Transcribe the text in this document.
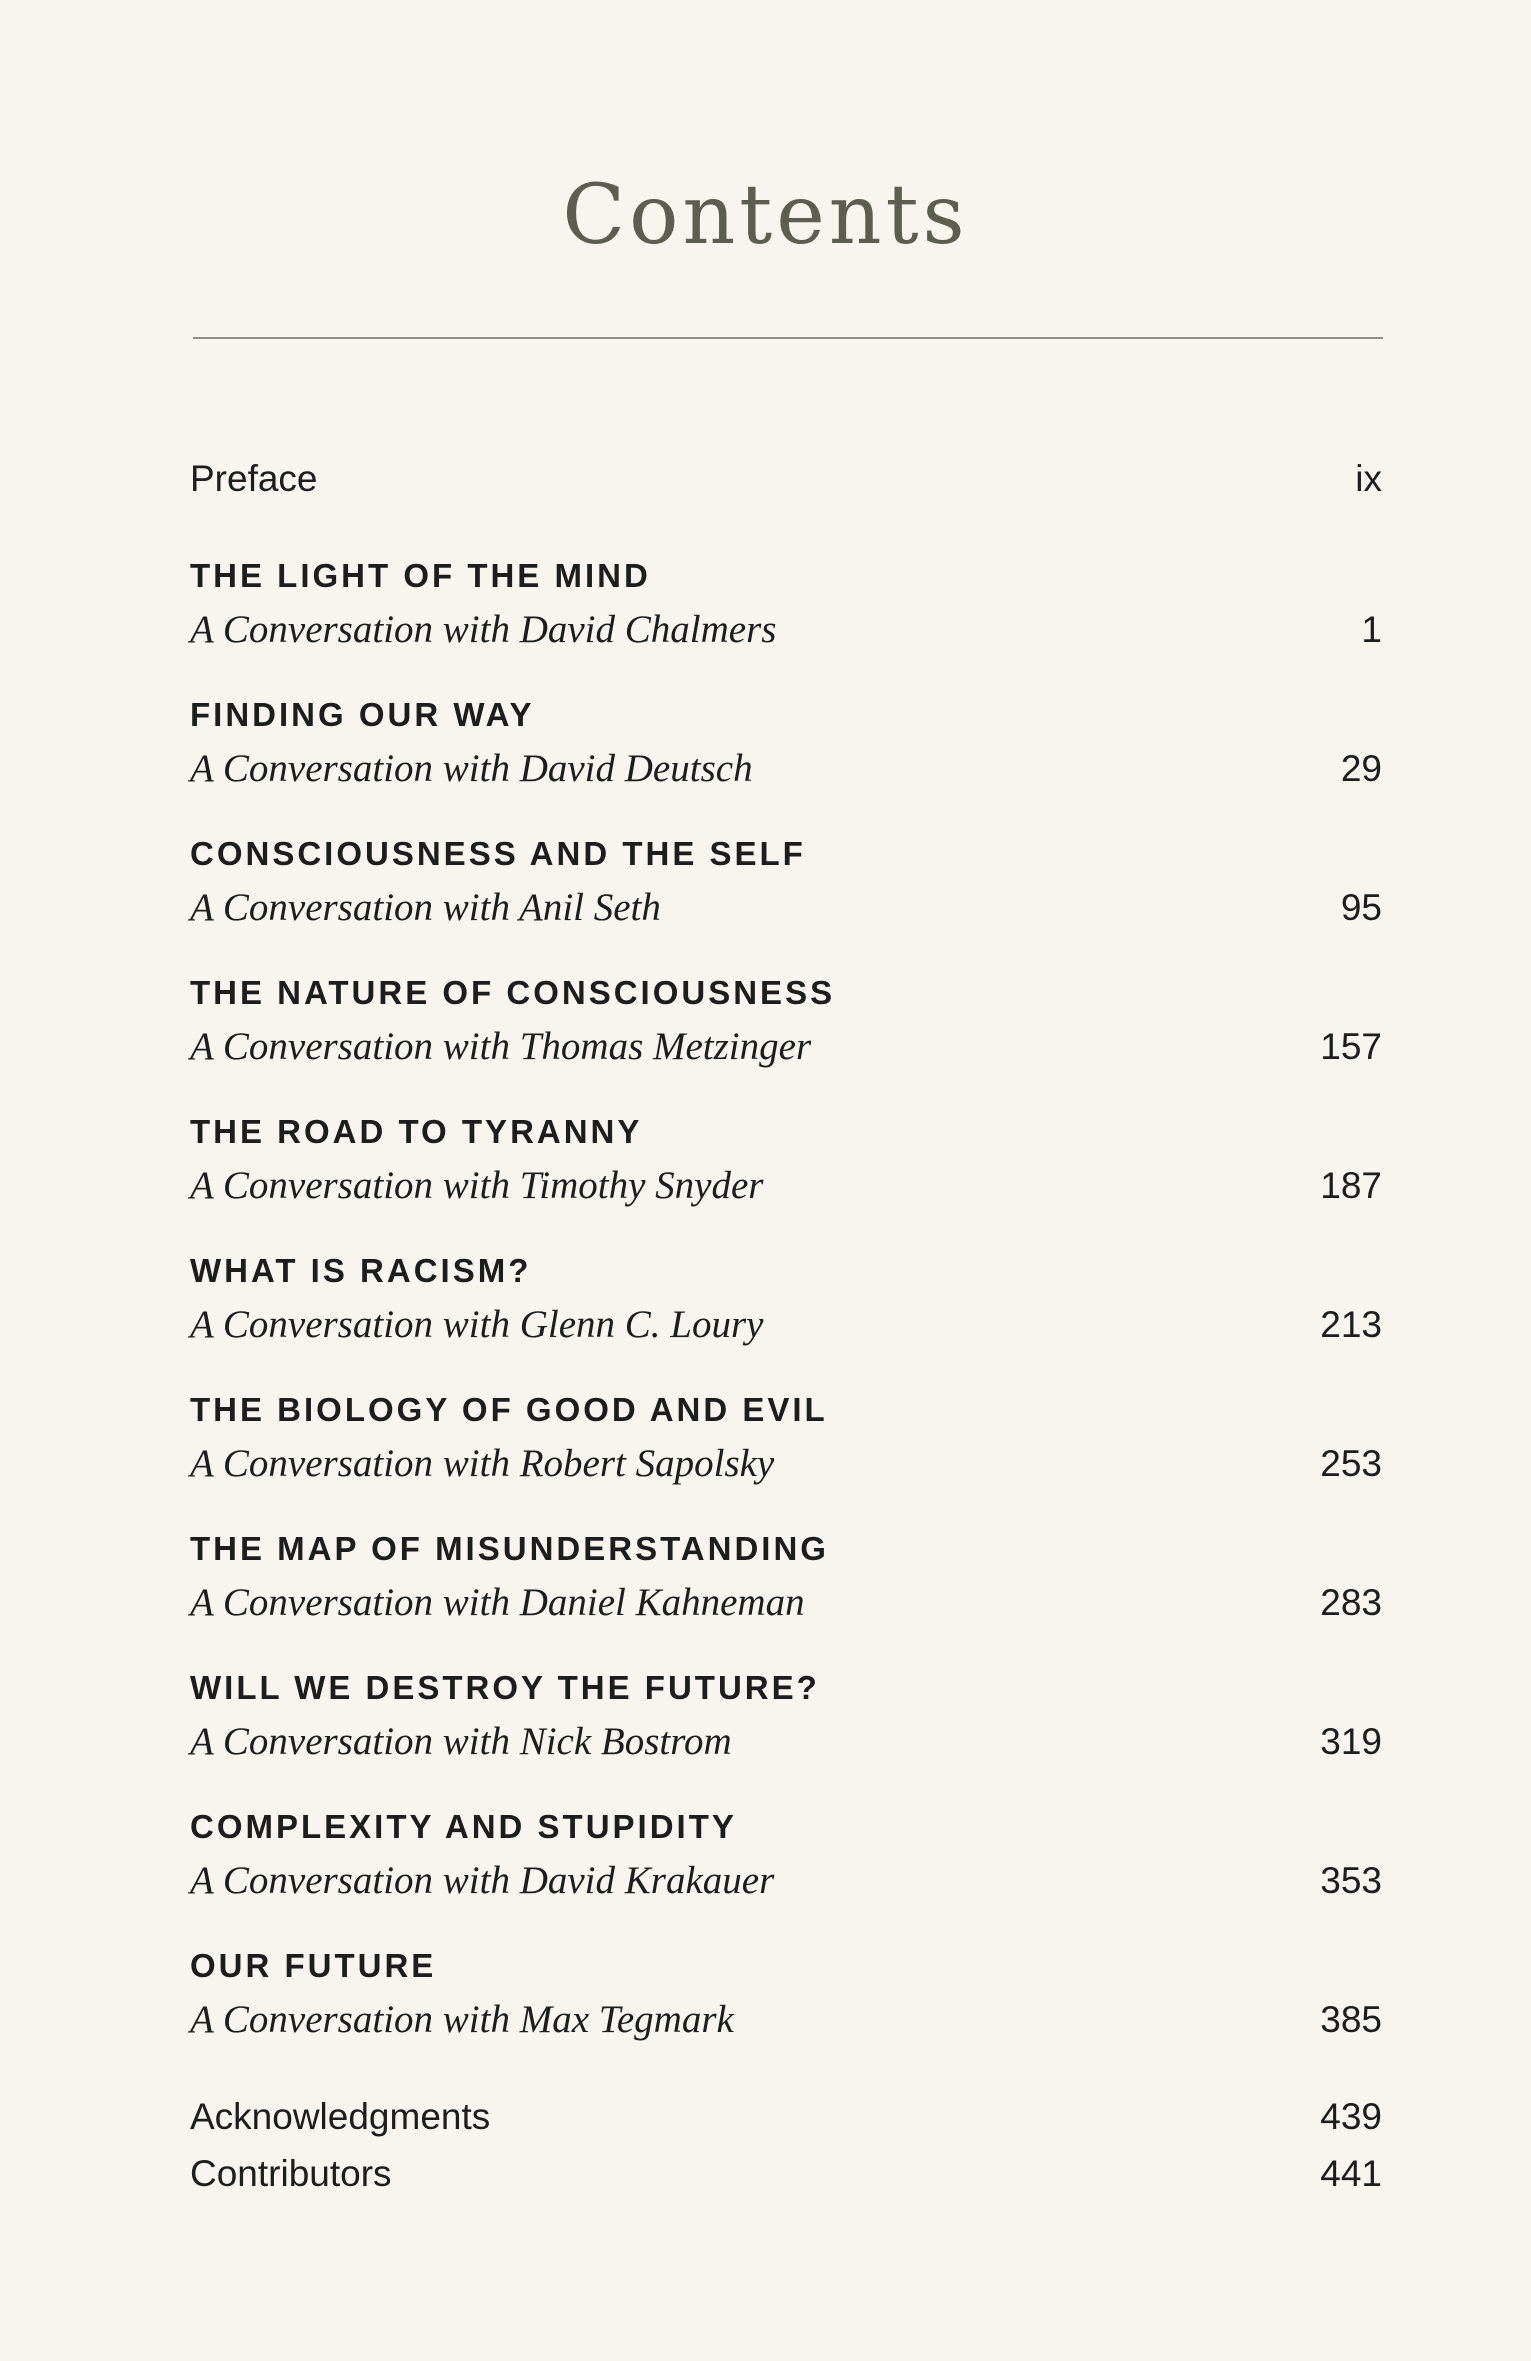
Contents
Preface	ix
THE LIGHT OF THE MIND
A Conversation with David Chalmers	1
FINDING OUR WAY
A Conversation with David Deutsch	29
CONSCIOUSNESS AND THE SELF
A Conversation with Anil Seth	95
THE NATURE OF CONSCIOUSNESS
A Conversation with Thomas Metzinger	157
THE ROAD TO TYRANNY
A Conversation with Timothy Snyder	187
WHAT IS RACISM?
A Conversation with Glenn C. Loury	213
THE BIOLOGY OF GOOD AND EVIL
A Conversation with Robert Sapolsky	253
THE MAP OF MISUNDERSTANDING
A Conversation with Daniel Kahneman	283
WILL WE DESTROY THE FUTURE?
A Conversation with Nick Bostrom	319
COMPLEXITY AND STUPIDITY
A Conversation with David Krakauer	353
OUR FUTURE
A Conversation with Max Tegmark	385
Acknowledgments	439
Contributors	441
